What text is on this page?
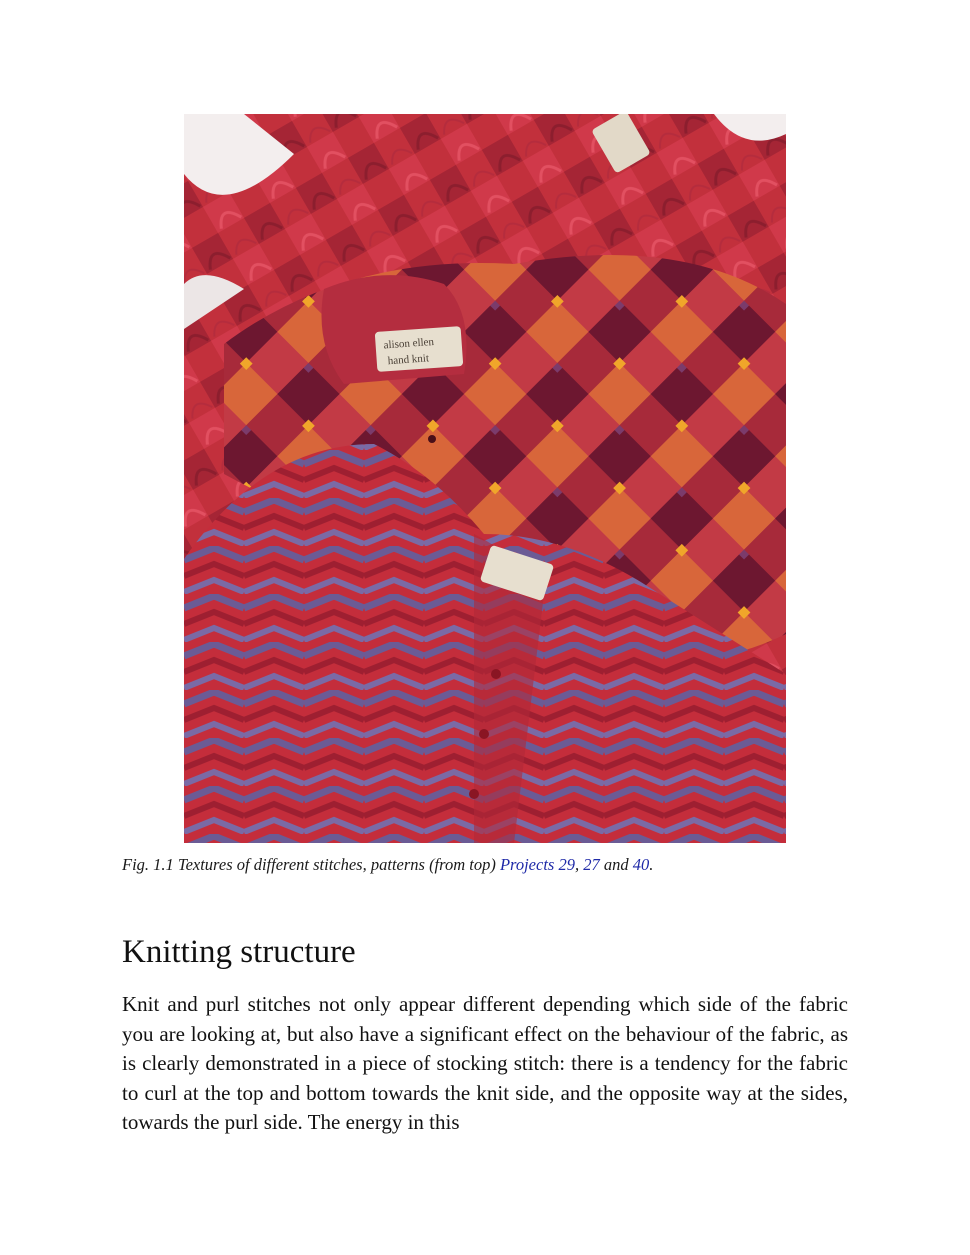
alison ellen
hand knit
Fig. 1.1 Textures of different stitches, patterns (from top) Projects 29, 27 and 40.
Knitting structure

Knit and purl stitches not only appear different depending which side of the fabric you are looking at, but also have a significant effect on the behaviour of the fabric, as is clearly demonstrated in a piece of stocking stitch: there is a tendency for the fabric to curl at the top and bottom towards the knit side, and the opposite way at the sides, towards the purl side. The energy in this
